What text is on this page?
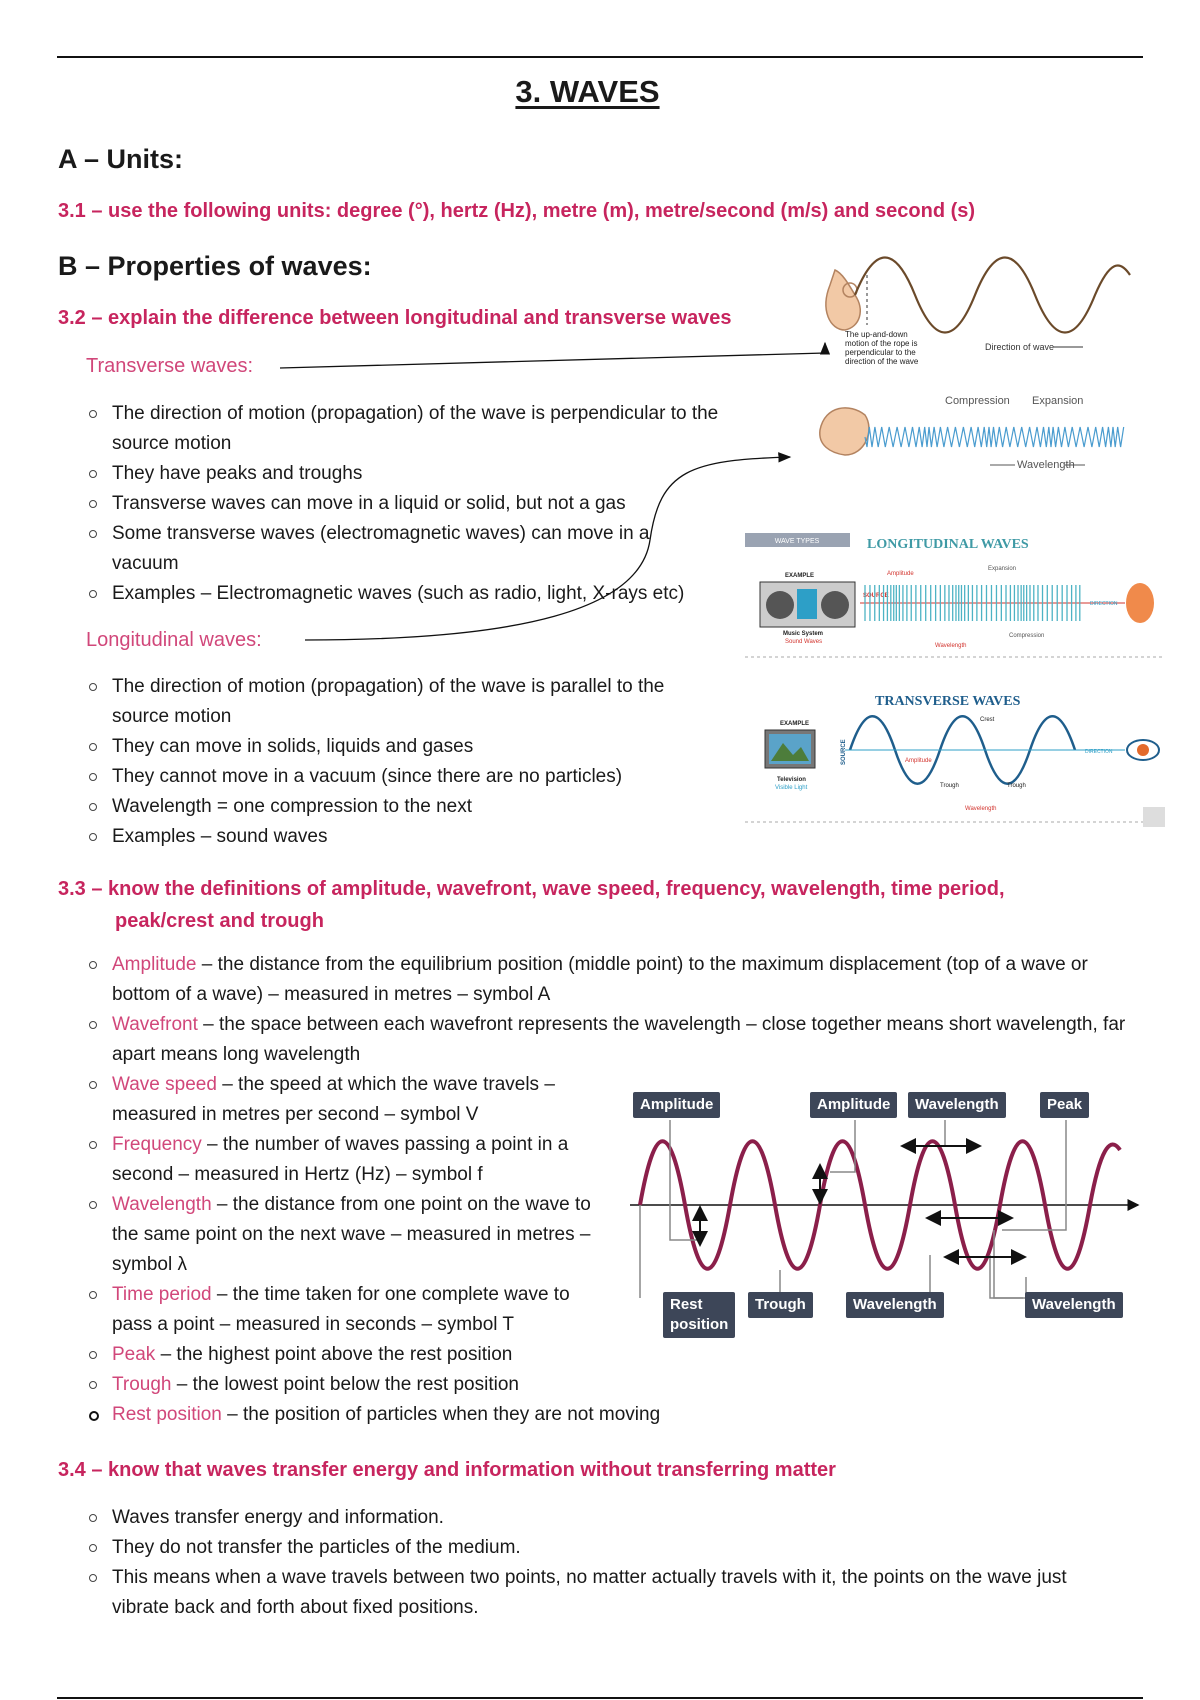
3. WAVES
A – Units:
3.1 – use the following units: degree (°), hertz (Hz), metre (m), metre/second (m/s) and second (s)
B – Properties of waves:
3.2 – explain the difference between longitudinal and transverse waves
Transverse waves:
The direction of motion (propagation) of the wave is perpendicular to the source motion
They have peaks and troughs
Transverse waves can move in a liquid or solid, but not a gas
Some transverse waves (electromagnetic waves) can move in a vacuum
Examples – Electromagnetic waves (such as radio, light, X-rays etc)
Longitudinal waves:
The direction of motion (propagation) of the wave is parallel to the source motion
They can move in solids, liquids and gases
They cannot move in a vacuum (since there are no particles)
Wavelength = one compression to the next
Examples – sound waves
The up-and-down motion of the rope is perpendicular to the direction of the wave
Direction of wave
Compression Expansion
Wavelength
WAVE TYPES	LONGITUDINAL WAVES
EXAMPLE
Music System
Sound Waves
SOURCE
Amplitude
Expansion
DIRECTION
Wavelength
Compression
TRANSVERSE WAVES
EXAMPLE
Television
Visible Light
SOURCE
Crest
Amplitude
Trough	Trough
Wavelength
DIRECTION
3.3 – know the definitions of amplitude, wavefront, wave speed, frequency, wavelength, time period,
peak/crest and trough
Amplitude – the distance from the equilibrium position (middle point) to the maximum displacement (top of a wave or bottom of a wave) – measured in metres – symbol A
Wavefront – the space between each wavefront represents the wavelength – close together means short wavelength, far apart means long wavelength
Wave speed – the speed at which the wave travels – measured in metres per second – symbol V
Frequency – the number of waves passing a point in a second – measured in Hertz (Hz) – symbol f
Wavelength – the distance from one point on the wave to the same point on the next wave – measured in metres – symbol λ
Time period – the time taken for one complete wave to pass a point – measured in seconds – symbol T
Peak – the highest point above the rest position
Trough – the lowest point below the rest position
Rest position – the position of particles when they are not moving
Amplitude	Amplitude	Wavelength	Peak
Rest position
Trough	Wavelength	Wavelength
3.4 – know that waves transfer energy and information without transferring matter
Waves transfer energy and information.
They do not transfer the particles of the medium.
This means when a wave travels between two points, no matter actually travels with it, the points on the wave just vibrate back and forth about fixed positions.
